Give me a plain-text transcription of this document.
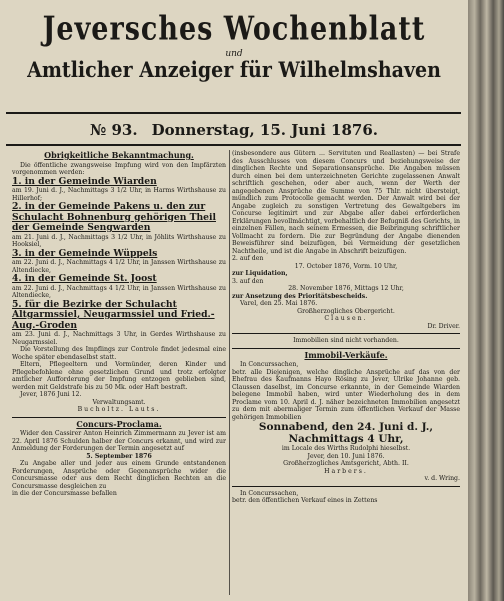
Jeversches Wochenblatt
und
Amtlicher Anzeiger für Wilhelmshaven
№ 93. Donnerstag, 15. Juni 1876.
Obrigkeitliche Bekanntmachung.

Die öffentliche zwangsweise Impfung wird von den Impfärzten vorgenommen werden:

1. in der Gemeinde Wiarden

am 19. Juni d. J., Nachmittags 3 1/2 Uhr, in Harms Wirthshause zu Hillerhof;

2. in der Gemeinde Pakens u. den zur Schulacht Bohnenburg gehörigen Theil der Gemeinde Sengwarden

am 21. Juni d. J., Nachmittags 3 1/2 Uhr, in Jöhlits Wirthshause zu Hooksiel,

3. in der Gemeinde Wüppels

am 22. Juni d. J., Nachmittags 4 1/2 Uhr, in Janssen Wirthshause zu Altendiecke,

4. in der Gemeinde St. Joost

am 22. Juni d. J., Nachmittags 4 1/2 Uhr, in Janssen Wirthshause zu Altendiecke,

5. für die Bezirke der Schulacht Altgarmssiel, Neugarmssiel und Fried.-Aug.-Groden

am 23. Juni d. J., Nachmittags 3 Uhr, in Gerdes Wirthshause zu Neugarmssiel.

Die Vorstellung des Impflings zur Controle findet jedesmal eine Woche später ebendaselbst statt.

Eltern, Pflegeeltern und Vormünder, deren Kinder und Pflegebefohlene ohne gesetzlichen Grund und trotz erfolgter amtlicher Aufforderung der Impfung entzogen geblieben sind, werden mit Geldstrafe bis zu 50 Mk. oder Haft bestraft.

Jever, 1876 Juni 12.

Verwaltungsamt.

Bucholtz. Lauts.

Concurs-Proclama.

Wider den Cassirer Anton Heinrich Zimmermann zu Jever ist am 22. April 1876 Schulden halber der Concurs erkannt, und wird zur Anmeldung der Forderungen der Termin angesetzt auf

5. September 1876

Zu Angabe aller und jeder aus einem Grunde entstandenen Forderungen, Ansprüche oder Gegenansprüche wider die Concursmasse oder aus dem Recht dinglichen Rechten an die Concursmasse desgleichen zu

in die der Concursmasse befallen

(insbesondere aus Gütern ... Servituten und Reallasten) — bei Strafe des Ausschlusses von diesem Concurs und beziehungsweise der dinglichen Rechte und Separationsansprüche. Die Angaben müssen durch einen bei dem unterzeichneten Gerichte zugelassenen Anwalt schriftlich geschehen, oder aber auch, wenn der Werth der angegebenen Ansprüche die Summe von 75 Thlr. nicht übersteigt, mündlich zum Protocolle gemacht werden. Der Anwalt wird bei der Angabe zugleich zu sonstigen Vertretung des Gewaltgebers im Concurse legitimirt und zur Abgabe aller dabei erforderlichen Erklärungen bevollmächtigt, vorbehaltlich der Befugniß des Gerichts, in einzelnen Fällen, nach seinem Ermessen, die Beibringung schriftlicher Vollmacht zu fordern. Die zur Begründung der Angabe dienenden Beweisführer sind beizufügen, bei Vermeidung der gesetzlichen Nachtheile, und ist die Angabe in Abschrift beizufügen.

2. auf den

17. October 1876, Vorm. 10 Uhr,

zur Liquidation,

3. auf den

28. November 1876, Mittags 12 Uhr,

zur Ansetzung des Prioritätsbescheids.

Varel, den 25. Mai 1876.

Großherzogliches Obergericht.

Clausen.

Dr. Driver.

Immobilien sind nicht vorhanden.

Immobil-Verkäufe.

In Concurssachen,

betr. alle Diejenigen, welche dingliche Ansprüche auf das von der Ehefrau des Kaufmanns Hayo Rösing zu Jever, Ulrike Johanne geb. Claussen daselbst, im Concurse erkannte, in der Gemeinde Wiarden belegene Immobil haben, wird unter Wiederholung des in dem Proclame vom 10. April d. J. näher bezeichneten Immobilien angesetzt zu dem mit abermaliger Termin zum öffentlichen Verkauf der Masse gehörigen Immobilien

Sonnabend, den 24. Juni d. J., Nachmittags 4 Uhr,

im Locale des Wirths Rudolphi hieselbst.

Jever, den 10. Juni 1876.

Großherzogliches Amtsgericht, Abth. II.

Harbers.

v. d. Wring.

In Concurssachen,

betr. den öffentlichen Verkauf eines in Zettens
